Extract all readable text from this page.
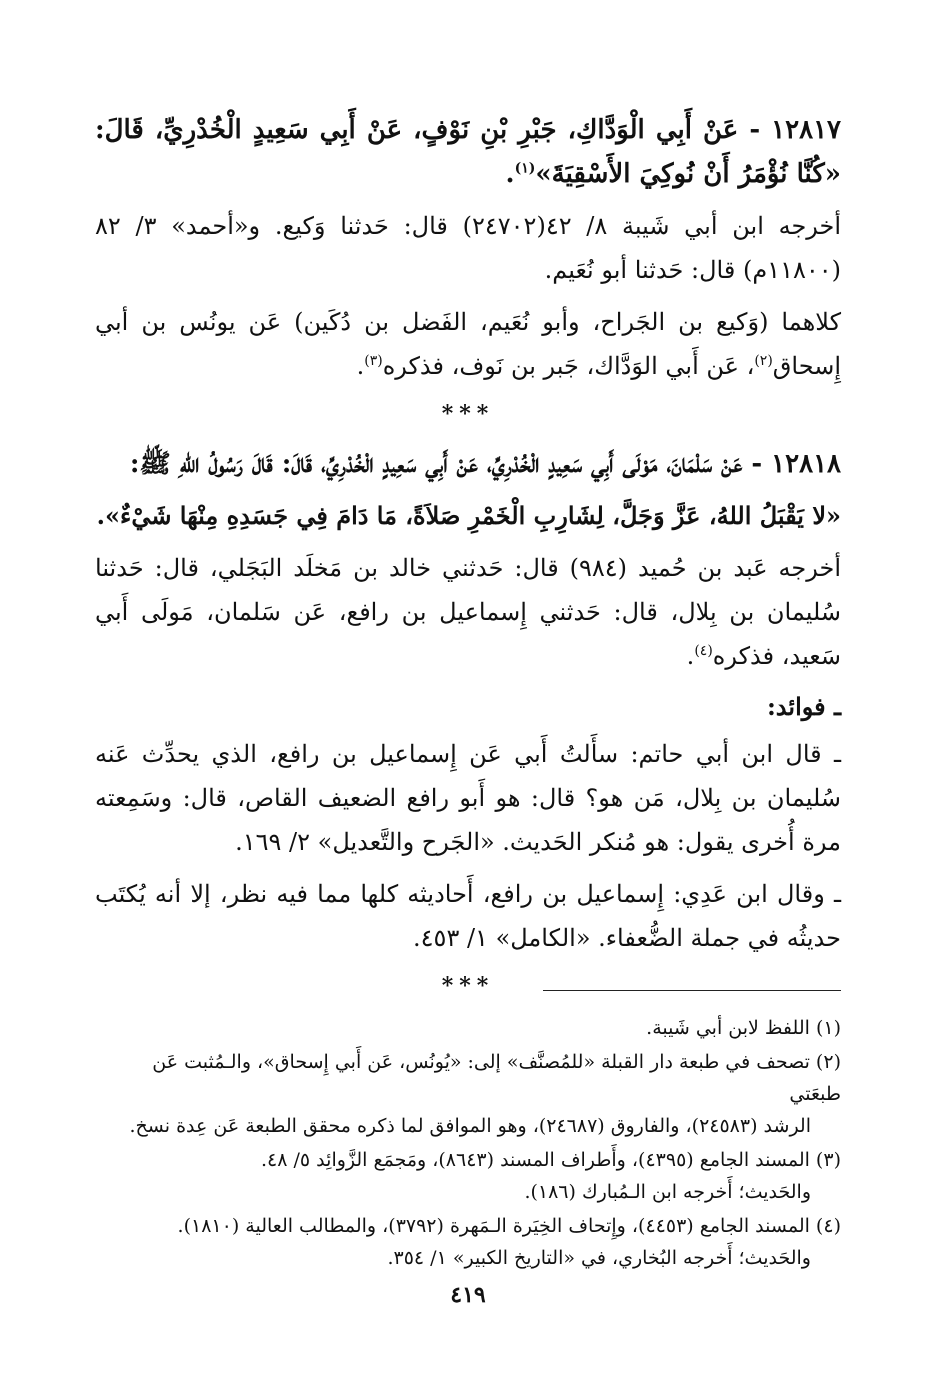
١٢٨١٧ - عَنْ أَبِي الْوَدَّاكِ، جَبْرِ بْنِ نَوْفٍ، عَنْ أَبِي سَعِيدٍ الْخُدْرِيِّ، قَالَ: «كُنَّا نُؤْمَرُ أَنْ نُوكِيَ الأَسْقِيَةَ»$^{(١)}$.

أخرجه ابن أبي شَيبة ٨/ ٤٢(٢٤٧٠٢) قال: حَدثنا وَكيع. و«أحمد» ٣/ ٨٢ (١١٨٠٠م) قال: حَدثنا أبو نُعَيم.

كلاهما (وَكيع بن الجَراح، وأبو نُعَيم، الفَضل بن دُكَين) عَن يونُس بن أبي إِسحاق$^{(٢)}$، عَن أَبي الوَدَّاك، جَبر بن نَوف، فذكره$^{(٣)}$.

***

١٢٨١٨ - عَنْ سَلْمَانَ، مَوْلَى أَبِي سَعِيدٍ الْخُدْرِيِّ، عَنْ أَبِي سَعِيدٍ الْخُدْرِيِّ، قَالَ: قَالَ رَسُولُ اللهِ ﷺ:

«لا يَقْبَلُ اللهُ، عَزَّ وَجَلَّ، لِشَارِبِ الْخَمْرِ صَلاَةً، مَا دَامَ فِي جَسَدِهِ مِنْهَا شَيْءٌ».

أخرجه عَبد بن حُميد (٩٨٤) قال: حَدثني خالد بن مَخلَد البَجَلي، قال: حَدثنا سُليمان بن بِلال، قال: حَدثني إِسماعيل بن رافع، عَن سَلمان، مَولَى أَبي سَعيد، فذكره$^{(٤)}$.

ـ فوائد:

ـ قال ابن أبي حاتم: سأَلتُ أَبي عَن إِسماعيل بن رافع، الذي يحدِّث عَنه سُليمان بن بِلال، مَن هو؟ قال: هو أَبو رافع الضعيف القاص، قال: وسَمِعته مرة أُخرى يقول: هو مُنكر الحَديث. «الجَرح والتَّعديل» ٢/ ١٦٩.

ـ وقال ابن عَدِي: إِسماعيل بن رافع، أَحاديثه كلها مما فيه نظر، إلا أنه يُكتَب حديثُه في جملة الضُّعفاء. «الكامل» ١/ ٤٥٣.

***

(١) اللفظ لابن أبي شَيبة.

(٢) تصحف في طبعة دار القبلة «للمُصنَّف» إلى: «يُونُس، عَن أَبي إِسحاق»، والـمُثبت عَن طبعَتي
الرشد (٢٤٥٨٣)، والفاروق (٢٤٦٨٧)، وهو الموافق لما ذكره محقق الطبعة عَن عِدة نسخ.

(٣) المسند الجامع (٤٣٩٥)، وأَطراف المسند (٨٦٤٣)، ومَجمَع الزَّوائِد ٥/ ٤٨.
والحَديث؛ أَخرجه ابن الـمُبارك (١٨٦).

(٤) المسند الجامع (٤٤٥٣)، وإِتحاف الخِيَرة الـمَهرة (٣٧٩٢)، والمطالب العالية (١٨١٠).
والحَديث؛ أَخرجه البُخاري، في «التاريخ الكبير» ١/ ٣٥٤.

٤١٩
